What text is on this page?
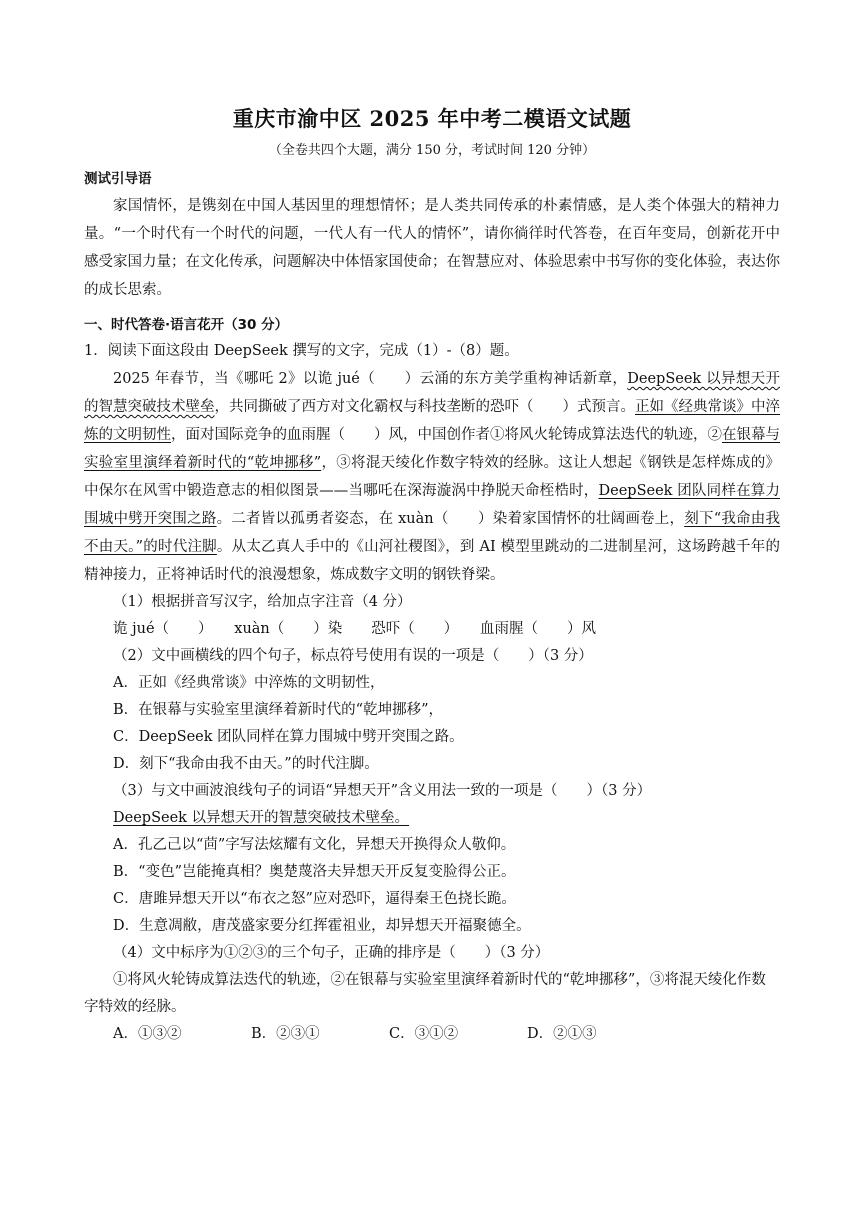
重庆市渝中区 2025 年中考二模语文试题
（全卷共四个大题，满分 150 分，考试时间 120 分钟）
测试引导语

家国情怀，是镌刻在中国人基因里的理想情怀；是人类共同传承的朴素情感，是人类个体强大的精神力量。“一个时代有一个时代的问题，一代人有一代人的情怀”，请你徜徉时代答卷，在百年变局，创新花开中感受家国力量；在文化传承，问题解决中体悟家国使命；在智慧应对、体验思索中书写你的变化体验，表达你的成长思索。

一、时代答卷·语言花开（30 分）

1．阅读下面这段由 DeepSeek 撰写的文字，完成（1）-（8）题。

2025 年春节，当《哪吒 2》以诡 jué（　　）云涌的东方美学重构神话新章，DeepSeek 以异想天开的智慧突破技术壁垒，共同撕破了西方对文化霸权与科技垄断的恐吓（　　）式预言。正如《经典常谈》中淬炼的文明韧性，面对国际竞争的血雨腥（　　）风，中国创作者①将风火轮铸成算法迭代的轨迹，②在银幕与实验室里演绎着新时代的“乾坤挪移”，③将混天绫化作数字特效的经脉。这让人想起《钢铁是怎样炼成的》中保尔在风雪中锻造意志的相似图景——当哪吒在深海漩涡中挣脱天命桎梏时，DeepSeek 团队同样在算力围城中劈开突围之路。二者皆以孤勇者姿态，在 xuàn（　　）染着家国情怀的壮阔画卷上，刻下“我命由我不由天。”的时代注脚。从太乙真人手中的《山河社稷图》，到 AI 模型里跳动的二进制星河，这场跨越千年的精神接力，正将神话时代的浪漫想象，炼成数字文明的钢铁脊梁。

（1）根据拼音写汉字，给加点字注音（4 分）

诡 jué（　　）　　xuàn（　　）染　　恐吓（　　）　　血雨腥（　　）风

（2）文中画横线的四个句子，标点符号使用有误的一项是（　　）（3 分）

A．正如《经典常谈》中淬炼的文明韧性，

B．在银幕与实验室里演绎着新时代的“乾坤挪移”，

C．DeepSeek 团队同样在算力围城中劈开突围之路。

D．刻下“我命由我不由天。”的时代注脚。

（3）与文中画波浪线句子的词语“异想天开”含义用法一致的一项是（　　）（3 分）

DeepSeek 以异想天开的智慧突破技术壁垒。

A．孔乙己以“茴”字写法炫耀有文化，异想天开换得众人敬仰。

B．“变色”岂能掩真相？奥楚蔑洛夫异想天开反复变脸得公正。

C．唐雎异想天开以“布衣之怒”应对恐吓，逼得秦王色挠长跪。

D．生意凋敝，唐茂盛家要分红挥霍祖业，却异想天开福聚德全。

（4）文中标序为①②③的三个句子，正确的排序是（　　）（3 分）

①将风火轮铸成算法迭代的轨迹，②在银幕与实验室里演绎着新时代的“乾坤挪移”，③将混天绫化作数字特效的经脉。

A．①③②	B．②③①	C．③①②	D．②①③
